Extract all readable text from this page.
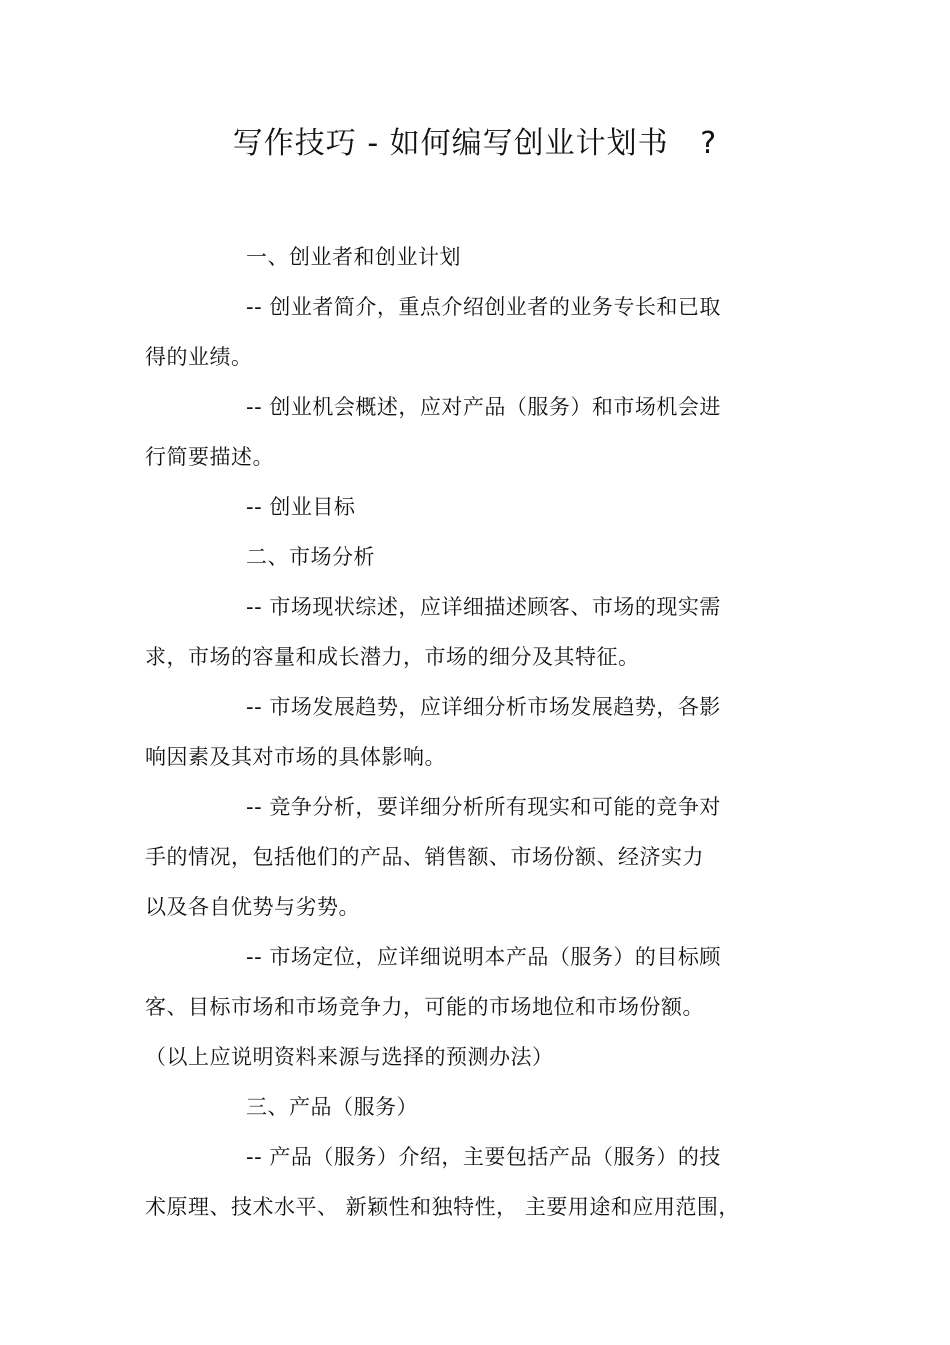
写作技巧 - 如何编写创业计划书   ?
一、创业者和创业计划
-- 创业者简介，重点介绍创业者的业务专长和已取
得的业绩。
-- 创业机会概述，应对产品（服务）和市场机会进
行简要描述。
-- 创业目标
二、市场分析
-- 市场现状综述，应详细描述顾客、市场的现实需
求，市场的容量和成长潜力，市场的细分及其特征。
-- 市场发展趋势，应详细分析市场发展趋势，各影
响因素及其对市场的具体影响。
-- 竞争分析，要详细分析所有现实和可能的竞争对
手的情况，包括他们的产品、销售额、市场份额、经济实力
以及各自优势与劣势。
-- 市场定位，应详细说明本产品（服务）的目标顾
客、目标市场和市场竞争力，可能的市场地位和市场份额。
（以上应说明资料来源与选择的预测办法）
三、产品（服务）
-- 产品（服务）介绍，主要包括产品（服务）的技
术原理、技术水平、 新颖性和独特性， 主要用途和应用范围，
